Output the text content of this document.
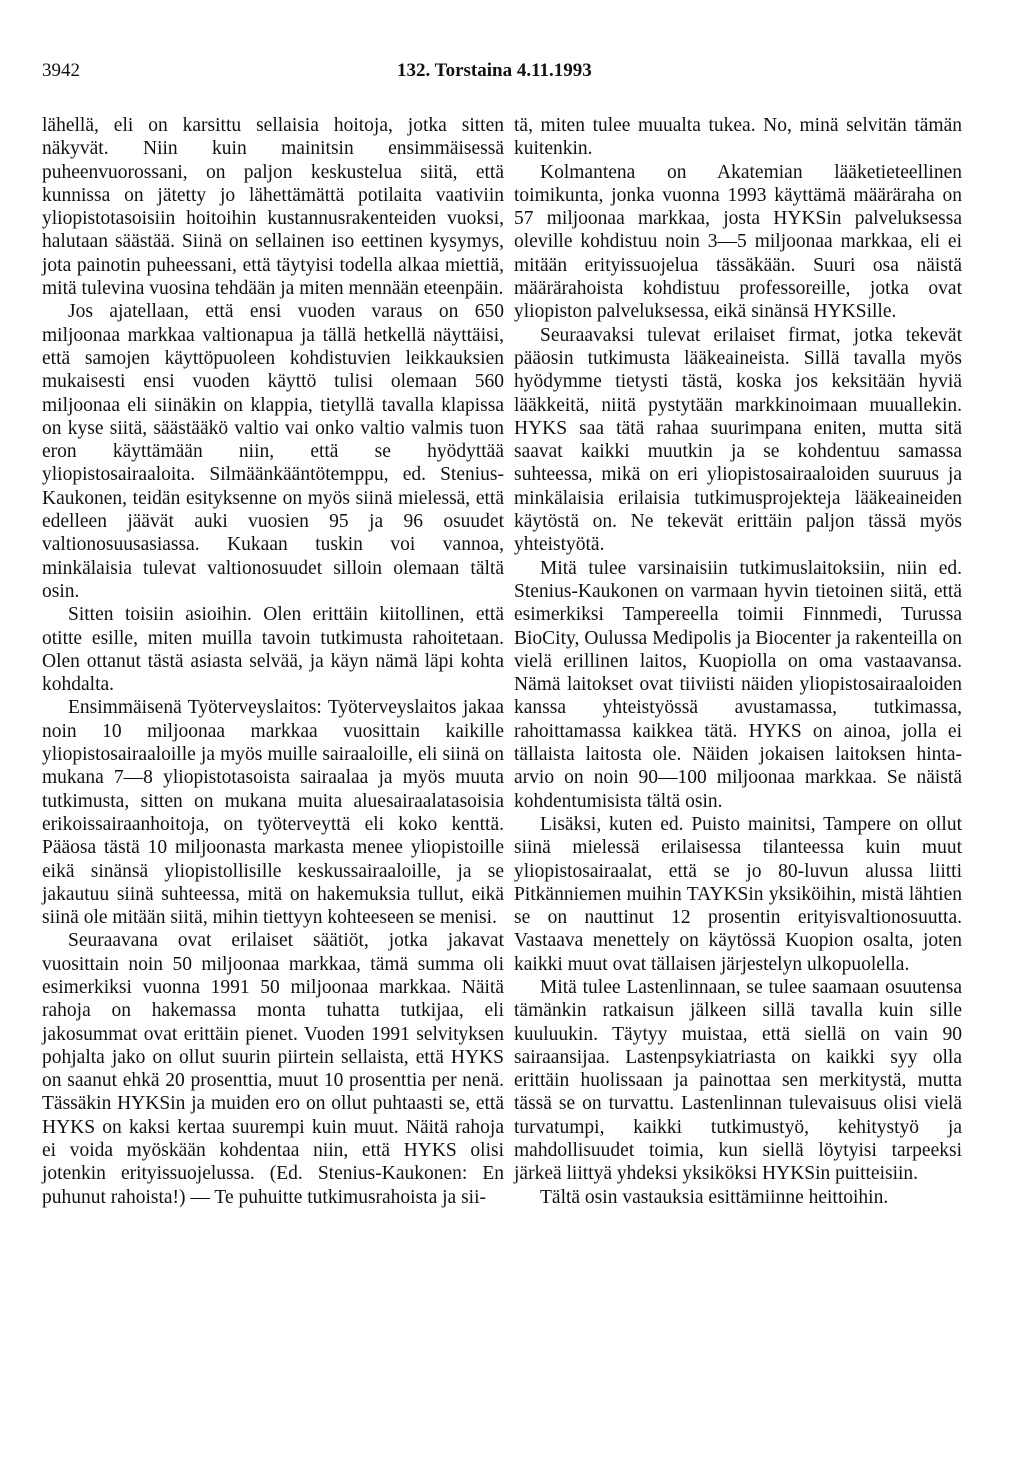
3942	132. Torstaina 4.11.1993

lähellä, eli on karsittu sellaisia hoitoja, jotka sitten näkyvät. Niin kuin mainitsin ensimmäisessä puheenvuorossani, on paljon keskustelua siitä, että kunnissa on jätetty jo lähettämättä potilaita vaativiin yliopistotasoisiin hoitoihin kustannusrakenteiden vuoksi, halutaan säästää. Siinä on sellainen iso eettinen kysymys, jota painotin puheessani, että täytyisi todella alkaa miettiä, mitä tulevina vuosina tehdään ja miten mennään eteenpäin.

Jos ajatellaan, että ensi vuoden varaus on 650 miljoonaa markkaa valtionapua ja tällä hetkellä näyttäisi, että samojen käyttöpuoleen kohdistuvien leikkauksien mukaisesti ensi vuoden käyttö tulisi olemaan 560 miljoonaa eli siinäkin on klappia, tietyllä tavalla klapissa on kyse siitä, säästääkö valtio vai onko valtio valmis tuon eron käyttämään niin, että se hyödyttää yliopistosairaaloita. Silmäänkääntötemppu, ed. Stenius-Kaukonen, teidän esityksenne on myös siinä mielessä, että edelleen jäävät auki vuosien 95 ja 96 osuudet valtionosuusasiassa. Kukaan tuskin voi vannoa, minkälaisia tulevat valtionosuudet silloin olemaan tältä osin.

Sitten toisiin asioihin. Olen erittäin kiitollinen, että otitte esille, miten muilla tavoin tutkimusta rahoitetaan. Olen ottanut tästä asiasta selvää, ja käyn nämä läpi kohta kohdalta.

Ensimmäisenä Työterveyslaitos: Työterveyslaitos jakaa noin 10 miljoonaa markkaa vuosittain kaikille yliopistosairaaloille ja myös muille sairaaloille, eli siinä on mukana 7—8 yliopistotasoista sairaalaa ja myös muuta tutkimusta, sitten on mukana muita aluesairaalatasoisia erikoissairaanhoitoja, on työterveyttä eli koko kenttä. Pääosa tästä 10 miljoonasta markasta menee yliopistoille eikä sinänsä yliopistollisille keskussairaaloille, ja se jakautuu siinä suhteessa, mitä on hakemuksia tullut, eikä siinä ole mitään siitä, mihin tiettyyn kohteeseen se menisi.

Seuraavana ovat erilaiset säätiöt, jotka jakavat vuosittain noin 50 miljoonaa markkaa, tämä summa oli esimerkiksi vuonna 1991 50 miljoonaa markkaa. Näitä rahoja on hakemassa monta tuhatta tutkijaa, eli jakosummat ovat erittäin pienet. Vuoden 1991 selvityksen pohjalta jako on ollut suurin piirtein sellaista, että HYKS on saanut ehkä 20 prosenttia, muut 10 prosenttia per nenä. Tässäkin HYKSin ja muiden ero on ollut puhtaasti se, että HYKS on kaksi kertaa suurempi kuin muut. Näitä rahoja ei voida myöskään kohdentaa niin, että HYKS olisi jotenkin erityissuojelussa. (Ed. Stenius-Kaukonen: En puhunut rahoista!) — Te puhuitte tutkimusrahoista ja sii-

tä, miten tulee muualta tukea. No, minä selvitän tämän kuitenkin.

Kolmantena on Akatemian lääketieteellinen toimikunta, jonka vuonna 1993 käyttämä määräraha on 57 miljoonaa markkaa, josta HYKSin palveluksessa oleville kohdistuu noin 3—5 miljoonaa markkaa, eli ei mitään erityissuojelua tässäkään. Suuri osa näistä määrärahoista kohdistuu professoreille, jotka ovat yliopiston palveluksessa, eikä sinänsä HYKSille.

Seuraavaksi tulevat erilaiset firmat, jotka tekevät pääosin tutkimusta lääkeaineista. Sillä tavalla myös hyödymme tietysti tästä, koska jos keksitään hyviä lääkkeitä, niitä pystytään markkinoimaan muuallekin. HYKS saa tätä rahaa suurimpana eniten, mutta sitä saavat kaikki muutkin ja se kohdentuu samassa suhteessa, mikä on eri yliopistosairaaloiden suuruus ja minkälaisia erilaisia tutkimusprojekteja lääkeaineiden käytöstä on. Ne tekevät erittäin paljon tässä myös yhteistyötä.

Mitä tulee varsinaisiin tutkimuslaitoksiin, niin ed. Stenius-Kaukonen on varmaan hyvin tietoinen siitä, että esimerkiksi Tampereella toimii Finnmedi, Turussa BioCity, Oulussa Medipolis ja Biocenter ja rakenteilla on vielä erillinen laitos, Kuopiolla on oma vastaavansa. Nämä laitokset ovat tiiviisti näiden yliopistosairaaloiden kanssa yhteistyössä avustamassa, tutkimassa, rahoittamassa kaikkea tätä. HYKS on ainoa, jolla ei tällaista laitosta ole. Näiden jokaisen laitoksen hinta-arvio on noin 90—100 miljoonaa markkaa. Se näistä kohdentumisista tältä osin.

Lisäksi, kuten ed. Puisto mainitsi, Tampere on ollut siinä mielessä erilaisessa tilanteessa kuin muut yliopistosairaalat, että se jo 80-luvun alussa liitti Pitkänniemen muihin TAYKSin yksiköihin, mistä lähtien se on nauttinut 12 prosentin erityisvaltionosuutta. Vastaava menettely on käytössä Kuopion osalta, joten kaikki muut ovat tällaisen järjestelyn ulkopuolella.

Mitä tulee Lastenlinnaan, se tulee saamaan osuutensa tämänkin ratkaisun jälkeen sillä tavalla kuin sille kuuluukin. Täytyy muistaa, että siellä on vain 90 sairaansijaa. Lastenpsykiatriasta on kaikki syy olla erittäin huolissaan ja painottaa sen merkitystä, mutta tässä se on turvattu. Lastenlinnan tulevaisuus olisi vielä turvatumpi, kaikki tutkimustyö, kehitystyö ja mahdollisuudet toimia, kun siellä löytyisi tarpeeksi järkeä liittyä yhdeksi yksiköksi HYKSin puitteisiin.

Tältä osin vastauksia esittämiinne heittoihin.
